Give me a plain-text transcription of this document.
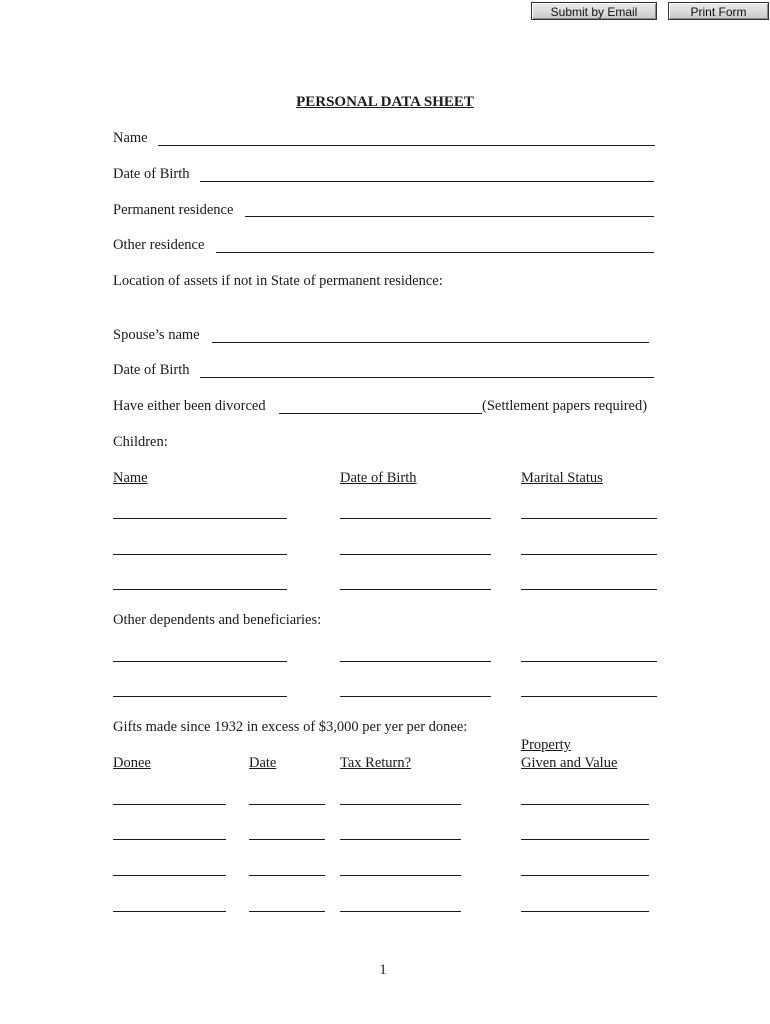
Submit by Email	Print Form
PERSONAL DATA SHEET
Name
Date of Birth
Permanent residence
Other residence
Location of assets if not in State of permanent residence:
Spouse’s name
Date of Birth
Have either been divorced	(Settlement papers required)
Children:
Name	Date of Birth	Marital Status
Other dependents and beneficiaries:
Gifts made since 1932 in excess of $3,000 per yer per donee:
Property
Donee	Date	Tax Return?	Given and Value
1
